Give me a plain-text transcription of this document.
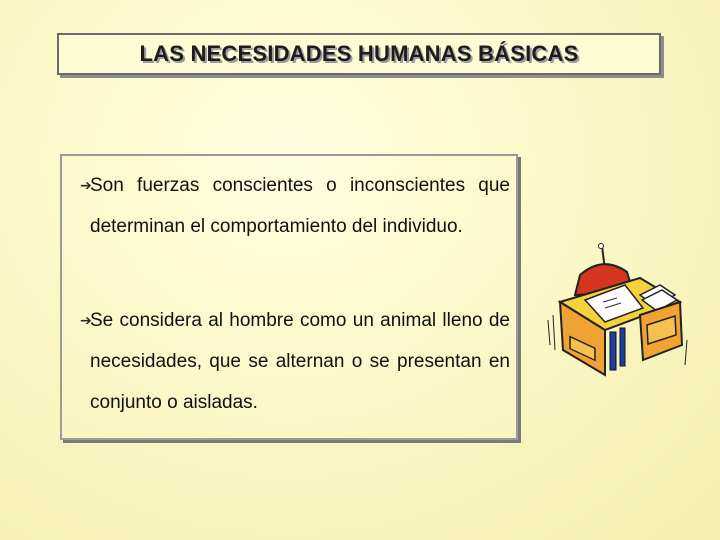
LAS NECESIDADES HUMANAS BÁSICAS
➔
Son fuerzas conscientes o inconscientes que determinan el comportamiento del individuo.
➔
Se considera al hombre como un animal lleno de necesidades, que se alternan o se presentan en conjunto o aisladas.
